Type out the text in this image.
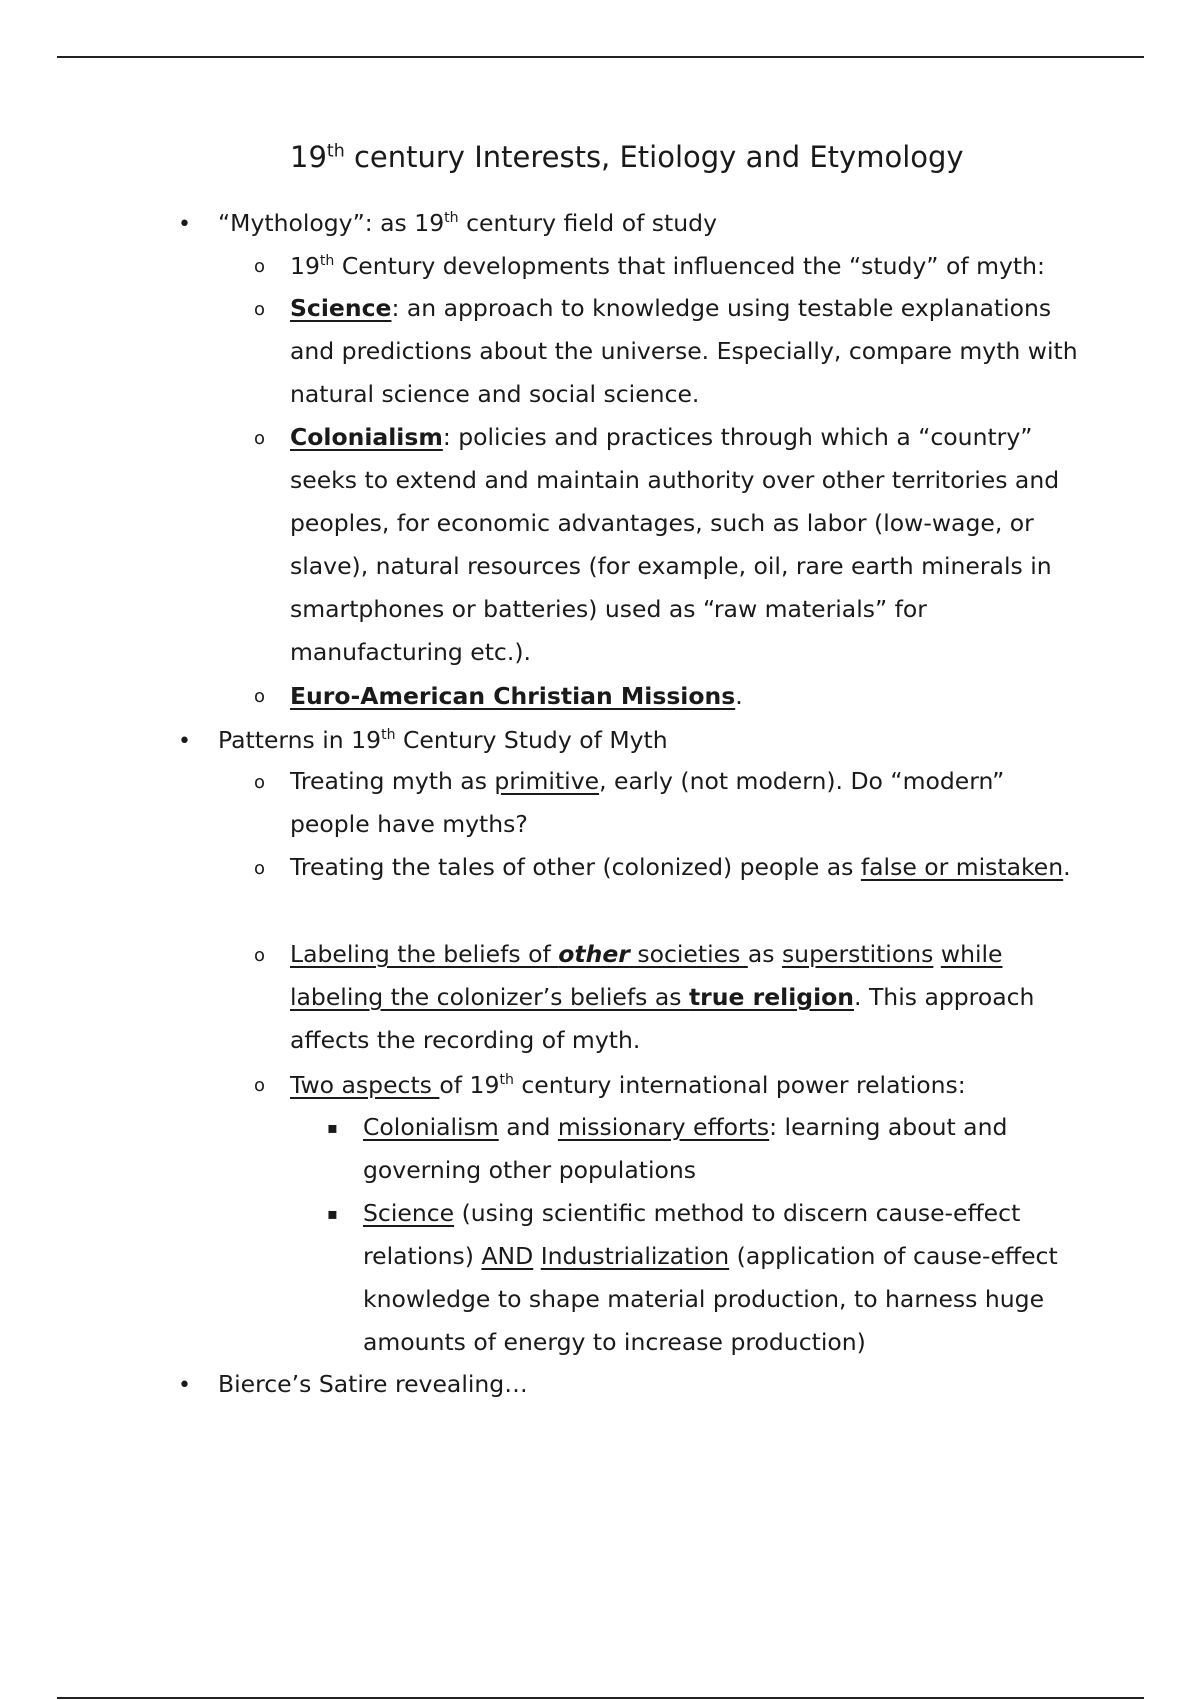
19th century Interests, Etiology and Etymology
• “Mythology”: as 19th century field of study
o 19th Century developments that influenced the “study” of myth:
o Science: an approach to knowledge using testable explanations and predictions about the universe. Especially, compare myth with natural science and social science.
o Colonialism: policies and practices through which a “country” seeks to extend and maintain authority over other territories and peoples, for economic advantages, such as labor (low-wage, or slave), natural resources (for example, oil, rare earth minerals in smartphones or batteries) used as “raw materials” for manufacturing etc.).
o Euro-American Christian Missions.
• Patterns in 19th Century Study of Myth
o Treating myth as primitive, early (not modern). Do “modern” people have myths?
o Treating the tales of other (colonized) people as false or mistaken.
o Labeling the beliefs of other societies as superstitions while labeling the colonizer’s beliefs as true religion. This approach affects the recording of myth.
o Two aspects of 19th century international power relations:
▪ Colonialism and missionary efforts: learning about and governing other populations
▪ Science (using scientific method to discern cause-effect relations) AND Industrialization (application of cause-effect knowledge to shape material production, to harness huge amounts of energy to increase production)
• Bierce’s Satire revealing…
